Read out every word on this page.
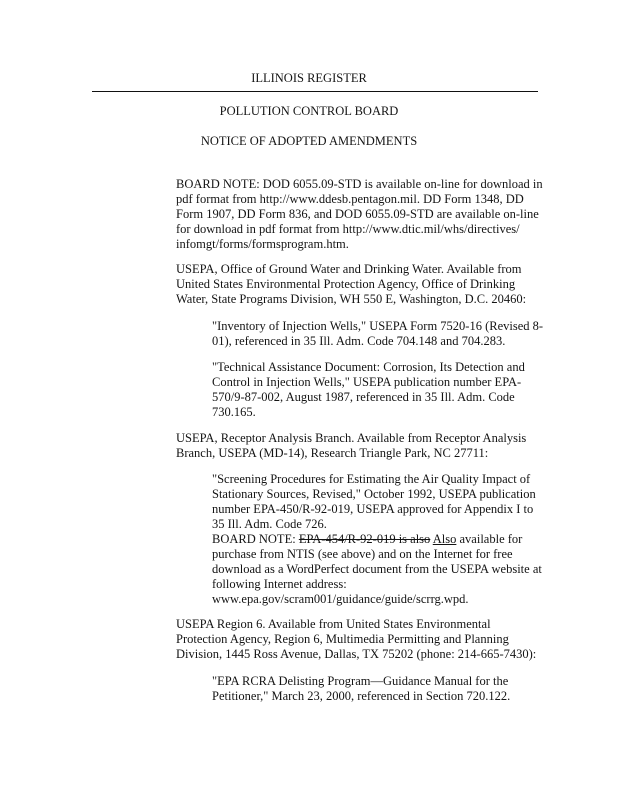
ILLINOIS REGISTER
POLLUTION CONTROL BOARD
NOTICE OF ADOPTED AMENDMENTS

BOARD NOTE: DOD 6055.09-STD is available on-line for download in

pdf format from http://www.ddesb.pentagon.mil. DD Form 1348, DD

Form 1907, DD Form 836, and DOD 6055.09-STD are available on-line

for download in pdf format from http://www.dtic.mil/whs/directives/

infomgt/forms/formsprogram.htm.

USEPA, Office of Ground Water and Drinking Water. Available from

United States Environmental Protection Agency, Office of Drinking

Water, State Programs Division, WH 550 E, Washington, D.C. 20460:

"Inventory of Injection Wells," USEPA Form 7520-16 (Revised 8-

01), referenced in 35 Ill. Adm. Code 704.148 and 704.283.

"Technical Assistance Document: Corrosion, Its Detection and

Control in Injection Wells," USEPA publication number EPA-

570/9-87-002, August 1987, referenced in 35 Ill. Adm. Code

730.165.

USEPA, Receptor Analysis Branch. Available from Receptor Analysis

Branch, USEPA (MD-14), Research Triangle Park, NC 27711:

"Screening Procedures for Estimating the Air Quality Impact of

Stationary Sources, Revised," October 1992, USEPA publication

number EPA-450/R-92-019, USEPA approved for Appendix I to

35 Ill. Adm. Code 726.

BOARD NOTE: EPA-454/R-92-019 is also Also available for

purchase from NTIS (see above) and on the Internet for free

download as a WordPerfect document from the USEPA website at

following Internet address:

www.epa.gov/scram001/guidance/guide/scrrg.wpd.

USEPA Region 6. Available from United States Environmental

Protection Agency, Region 6, Multimedia Permitting and Planning

Division, 1445 Ross Avenue, Dallas, TX 75202 (phone: 214-665-7430):

"EPA RCRA Delisting Program—Guidance Manual for the

Petitioner," March 23, 2000, referenced in Section 720.122.
